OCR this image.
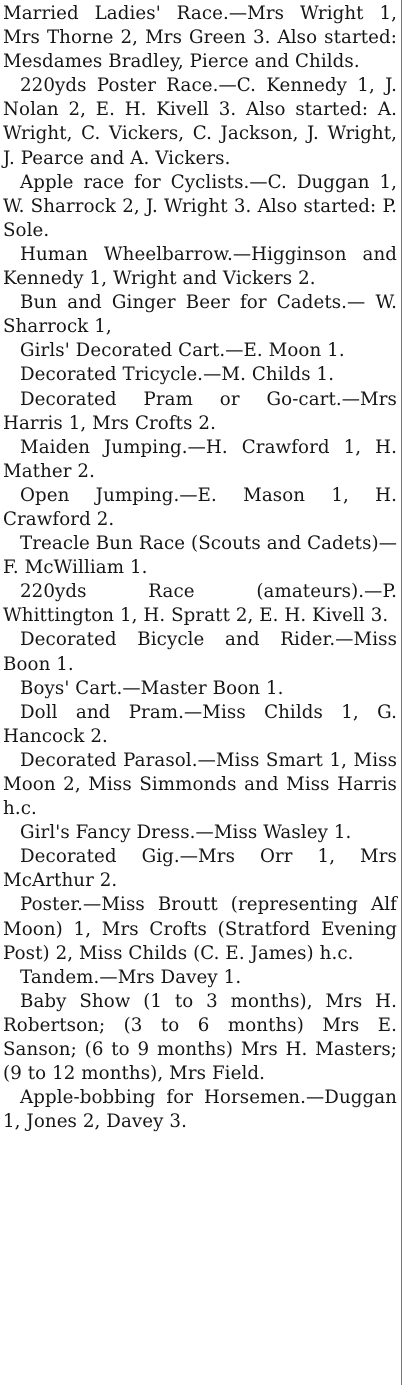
Married Ladies' Race.—Mrs Wright 1, Mrs Thorne 2, Mrs Green 3. Also started: Mesdames Bradley, Pierce and Childs.

220yds Poster Race.—C. Kennedy 1, J. Nolan 2, E. H. Kivell 3. Also started: A. Wright, C. Vickers, C. Jackson, J. Wright, J. Pearce and A. Vickers.

Apple race for Cyclists.—C. Duggan 1, W. Sharrock 2, J. Wright 3. Also started: P. Sole.

Human Wheelbarrow.—Higginson and Kennedy 1, Wright and Vickers 2.

Bun and Ginger Beer for Cadets.— W. Sharrock 1,

Girls' Decorated Cart.—E. Moon 1.

Decorated Tricycle.—M. Childs 1.

Decorated Pram or Go-cart.—Mrs Harris 1, Mrs Crofts 2.

Maiden Jumping.—H. Crawford 1, H. Mather 2.

Open Jumping.—E. Mason 1, H. Crawford 2.

Treacle Bun Race (Scouts and Cadets)—F. McWilliam 1.

220yds Race (amateurs).—P. Whittington 1, H. Spratt 2, E. H. Kivell 3.

Decorated Bicycle and Rider.—Miss Boon 1.

Boys' Cart.—Master Boon 1.

Doll and Pram.—Miss Childs 1, G. Hancock 2.

Decorated Parasol.—Miss Smart 1, Miss Moon 2, Miss Simmonds and Miss Harris h.c.

Girl's Fancy Dress.—Miss Wasley 1.

Decorated Gig.—Mrs Orr 1, Mrs McArthur 2.

Poster.—Miss Broutt (representing Alf Moon) 1, Mrs Crofts (Stratford Evening Post) 2, Miss Childs (C. E. James) h.c.

Tandem.—Mrs Davey 1.

Baby Show (1 to 3 months), Mrs H. Robertson; (3 to 6 months) Mrs E. Sanson; (6 to 9 months) Mrs H. Masters; (9 to 12 months), Mrs Field.

Apple-bobbing for Horsemen.—Duggan 1, Jones 2, Davey 3.
